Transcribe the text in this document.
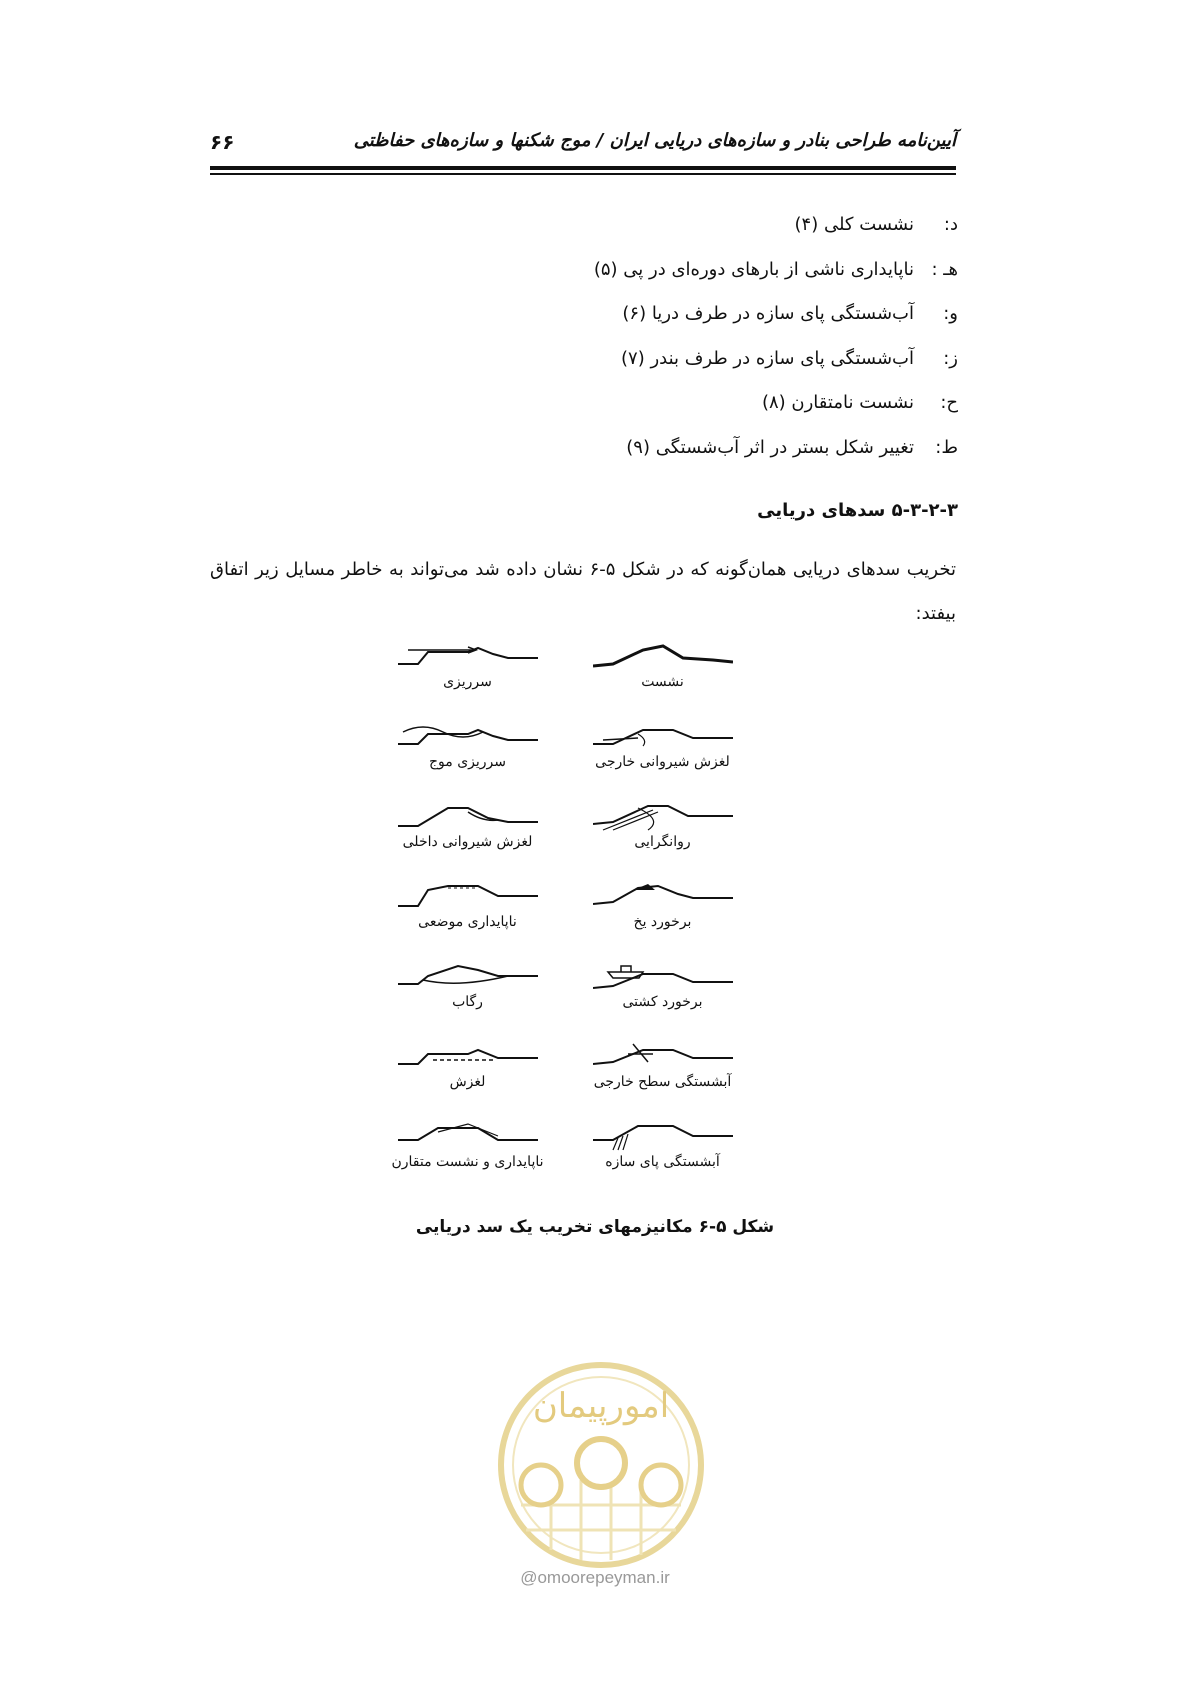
۶۶	آیین‌نامه طراحی بنادر و سازه‌های دریایی ایران / موج شکنها و سازه‌های حفاظتی
د:
نشست کلی (۴)
هـ :
ناپایداری ناشی از بارهای دوره‌ای در پی (۵)
و:
آب‌شستگی پای سازه در طرف دریا (۶)
ز:
آب‌شستگی پای سازه در طرف بندر (۷)
ح:
نشست نامتقارن (۸)
ط:
تغییر شکل بستر در اثر آب‌شستگی (۹)
۵-۳-۲-۳ سدهای دریایی
تخریب سدهای دریایی همان‌گونه که در شکل ۵-۶ نشان داده شد می‌تواند به خاطر مسایل زیر اتفاق بیفتد:
سرریزی
سرریزی موج
لغزش شیروانی داخلی
ناپایداری موضعی
رگاب
لغزش
ناپایداری و نشست متقارن
نشست
لغزش شیروانی خارجی
روانگرایی
برخورد یخ
برخورد کشتی
آبشستگی سطح خارجی
آبشستگی پای سازه
شکل ۵-۶ مکانیزمهای تخریب یک سد دریایی
امورپیمان
@omoorepeyman.ir
